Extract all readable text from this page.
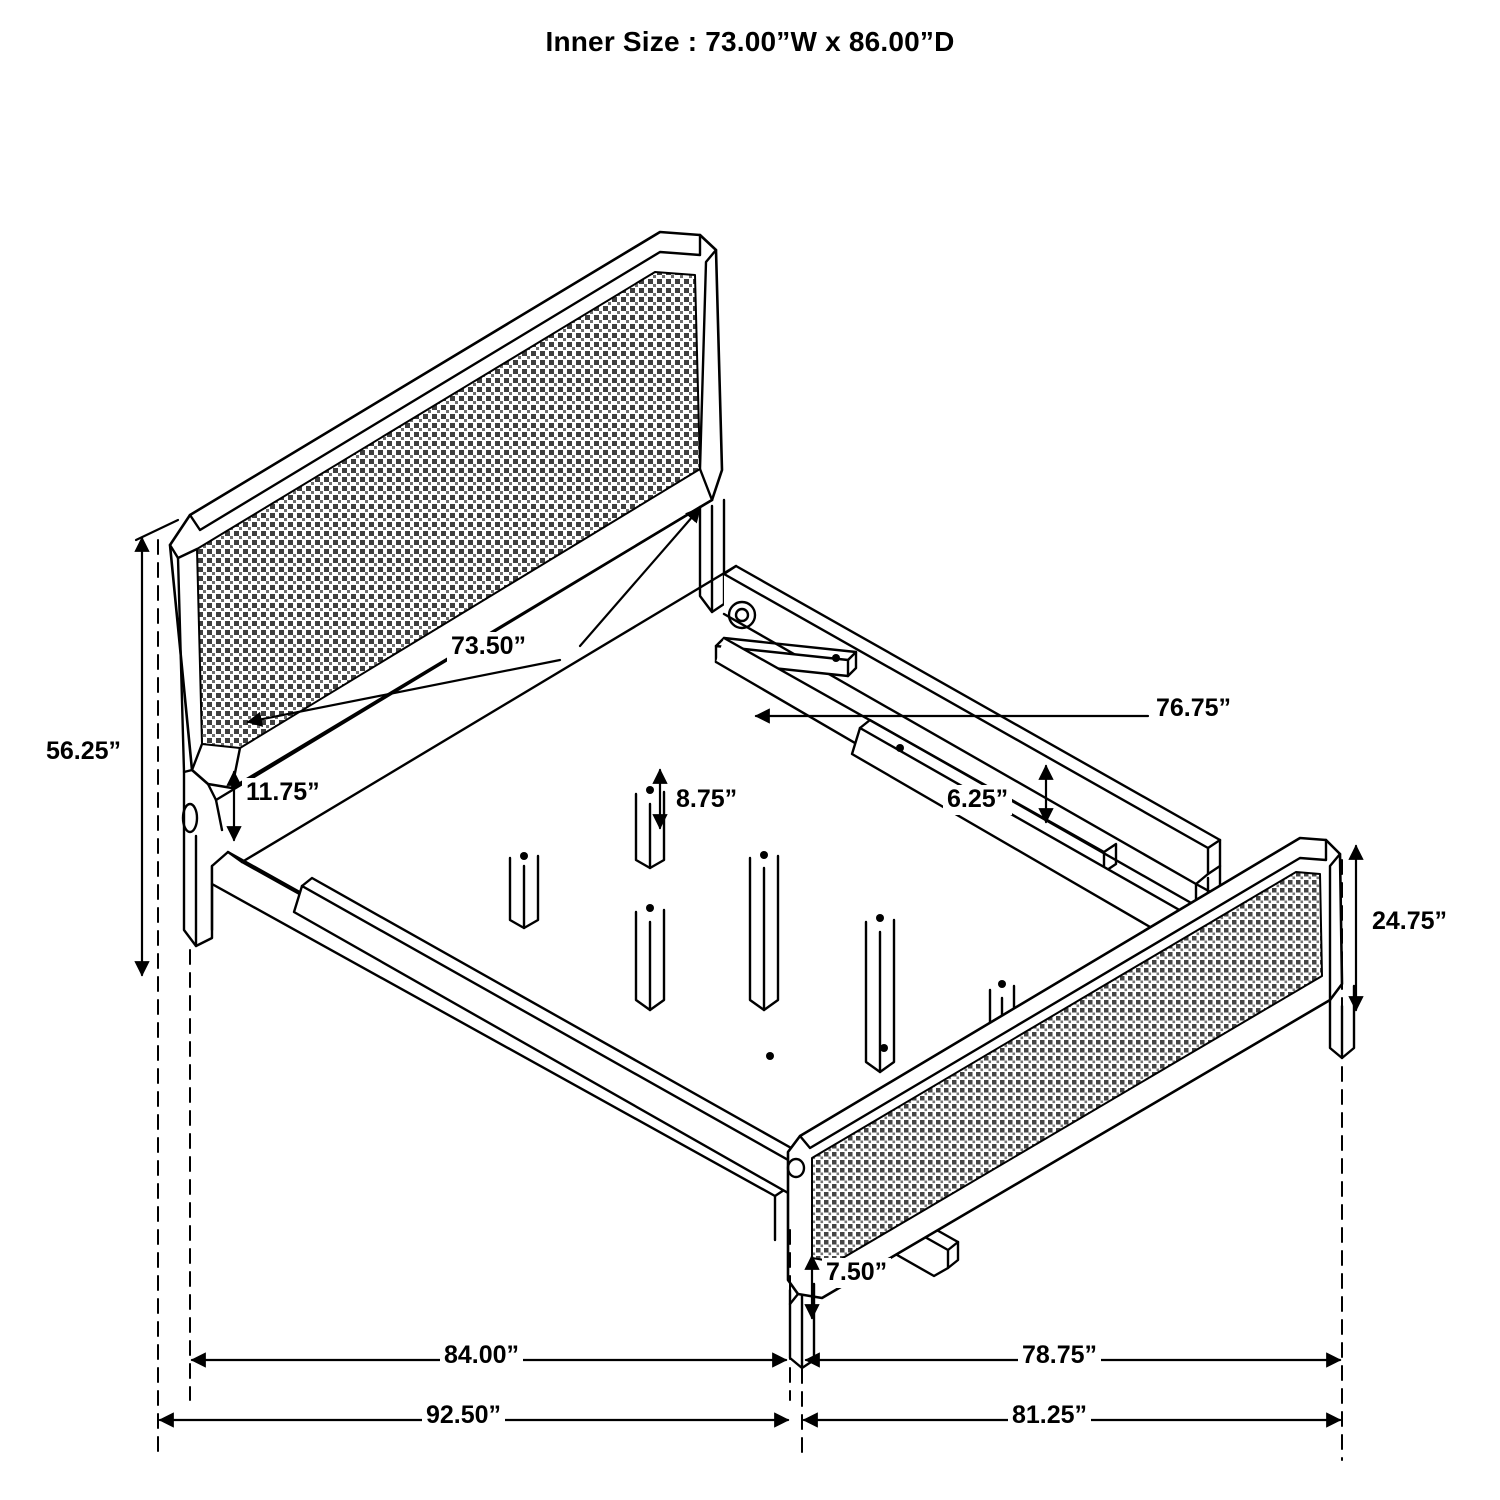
Inner Size : 73.00”W x 86.00”D
56.25”
73.50”
11.75”	8.75”
76.75”
6.25”
24.75”
7.50”
84.00”	78.75”
92.50”	81.25”
